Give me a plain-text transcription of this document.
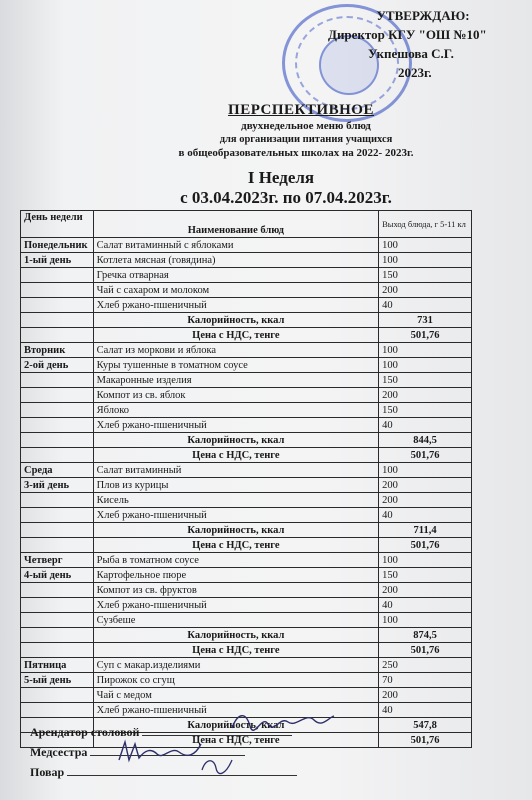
УТВЕРЖДАЮ:
Директор КГУ "ОШ №10"
Укпешова С.Г.
2023г.
ПЕРСПЕКТИВНОЕ
двухнедельное меню блюд
для организации питания учащихся
в общеобразовательных школах на 2022- 2023г.
I Неделя
с 03.04.2023г. по 07.04.2023г.
День недели	Наименование блюд	Выход блюда, г 5-11 кл
Понедельник	Салат витаминный с яблоками	100
1-ый день	Котлета мясная (говядина)	100
	Гречка отварная	150
	Чай с сахаром и молоком	200
	Хлеб ржано-пшеничный	40
	Калорийность, ккал	731
	Цена с НДС, тенге	501,76
Вторник	Салат из моркови и яблока	100
2-ой день	Куры тушенные в томатном соусе	100
	Макаронные изделия	150
	Компот из св. яблок	200
	Яблоко	150
	Хлеб ржано-пшеничный	40
	Калорийность, ккал	844,5
	Цена с НДС, тенге	501,76
Среда	Салат витаминный	100
3-ий день	Плов из курицы	200
	Кисель	200
	Хлеб ржано-пшеничный	40
	Калорийность, ккал	711,4
	Цена с НДС, тенге	501,76
Четверг	Рыба в томатном соусе	100
4-ый день	Картофельное пюре	150
	Компот из св. фруктов	200
	Хлеб ржано-пшеничный	40
	Сузбеше	100
	Калорийность, ккал	874,5
	Цена с НДС, тенге	501,76
Пятница	Суп с макар.изделиями	250
5-ый день	Пирожок со сгущ	70
	Чай с медом	200
	Хлеб ржано-пшеничный	40
	Калорийность, ккал	547,8
	Цена с НДС, тенге	501,76
Арендатор столовой
Медсестра
Повар
